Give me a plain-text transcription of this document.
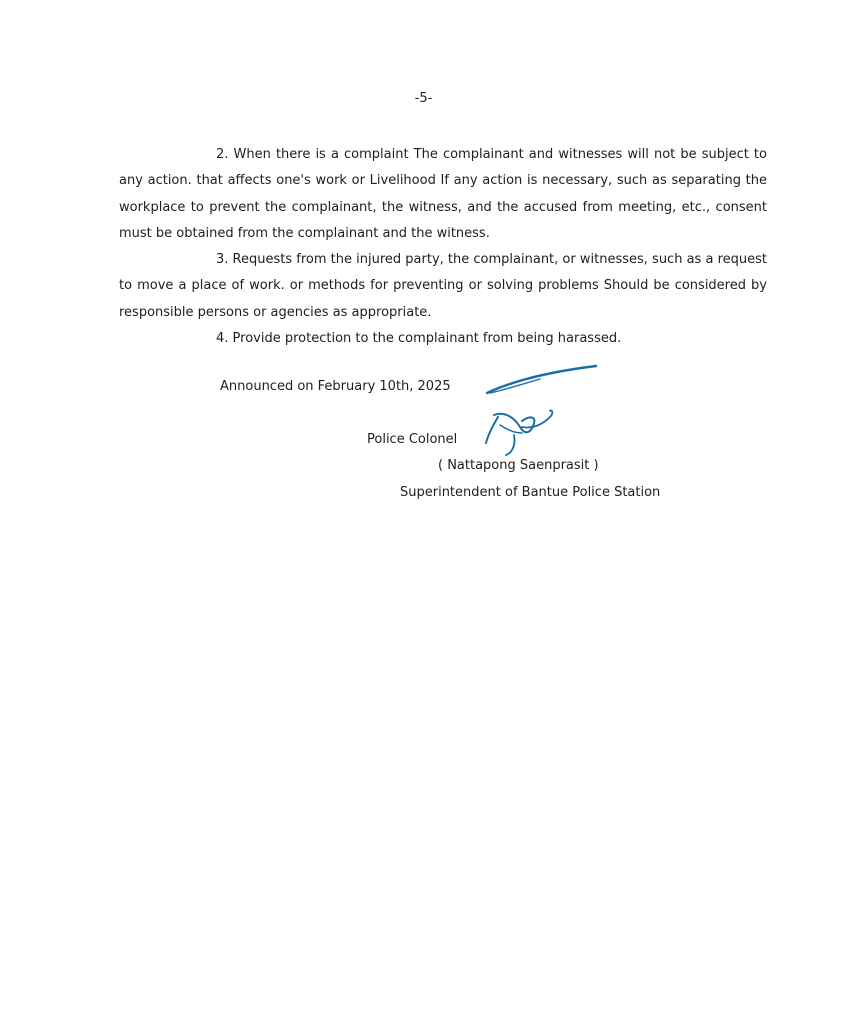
-5-

2. When there is a complaint The complainant and witnesses will not be subject to any action. that affects one's work or Livelihood If any action is necessary, such as separating the workplace to prevent the complainant, the witness, and the accused from meeting, etc., consent must be obtained from the complainant and the witness.

3. Requests from the injured party, the complainant, or witnesses, such as a request to move a place of work. or methods for preventing or solving problems Should be considered by responsible persons or agencies as appropriate.

4. Provide protection to the complainant from being harassed.

Announced on February 10th, 2025
Police Colonel
( Nattapong Saenprasit )
Superintendent of Bantue Police Station
